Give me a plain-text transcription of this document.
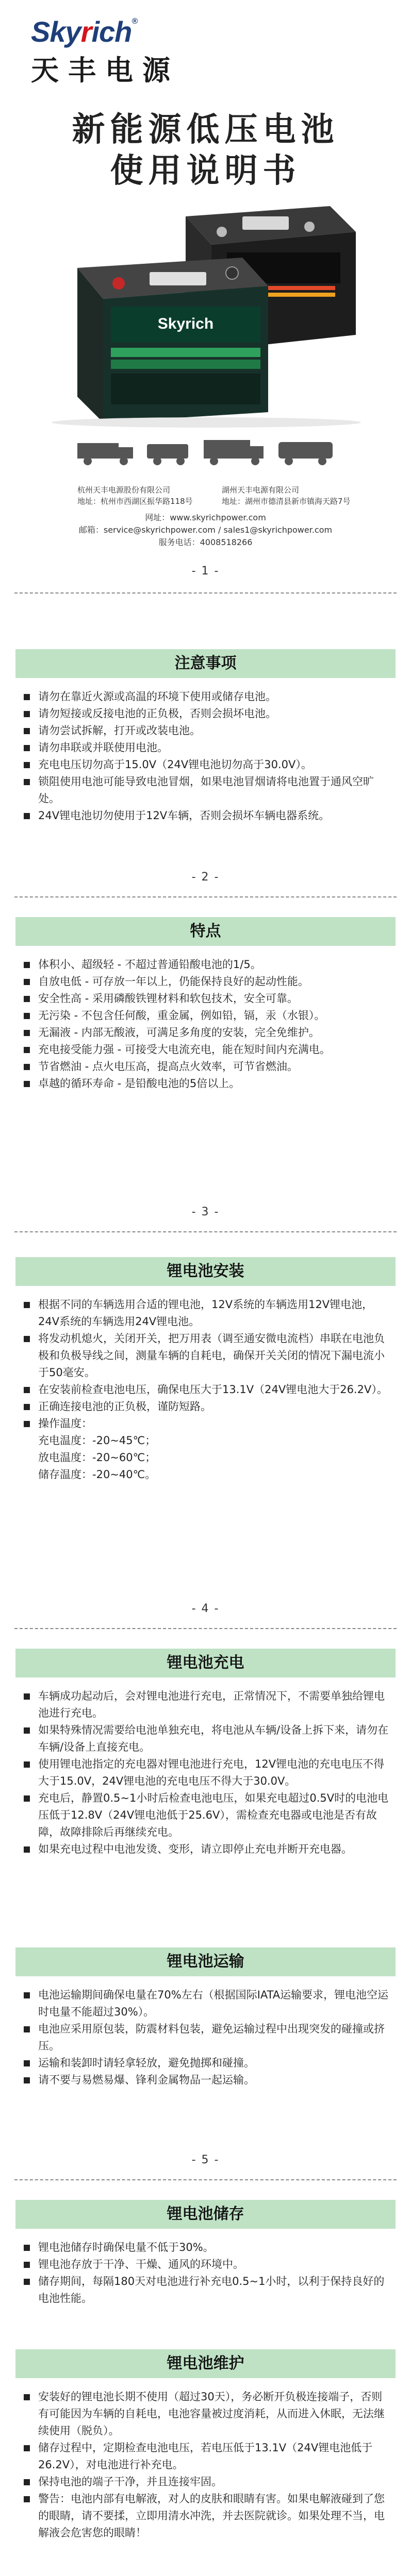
Skyrich®
天丰电源
新能源低压电池
使用说明书
Skyrich
杭州天丰电源股份有限公司
地址：杭州市西湖区振华路118号
湖州天丰电源有限公司
地址：湖州市德清县新市镇海天路7号
网址：www.skyrichpower.com
邮箱：service@skyrichpower.com / sales1@skyrichpower.com
服务电话：4008518266
- 1 -
注意事项
请勿在靠近火源或高温的环境下使用或储存电池。
请勿短接或反接电池的正负极，否则会损坏电池。
请勿尝试拆解，打开或改装电池。
请勿串联或并联使用电池。
充电电压切勿高于15.0V（24V锂电池切勿高于30.0V）。
锁阻使用电池可能导致电池冒烟，如果电池冒烟请将电池置于通风空旷处。
24V锂电池切勿使用于12V车辆，否则会损坏车辆电器系统。
- 2 -
特点
体积小、超级轻 - 不超过普通铅酸电池的1/5。
自放电低 - 可存放一年以上，仍能保持良好的起动性能。
安全性高 - 采用磷酸铁锂材料和软包技术，安全可靠。
无污染 - 不包含任何酸，重金属，例如铅，镉，汞（水银）。
无漏液 - 内部无酸液，可满足多角度的安装，完全免维护。
充电接受能力强 - 可接受大电流充电，能在短时间内充满电。
节省燃油 - 点火电压高，提高点火效率，可节省燃油。
卓越的循环寿命 - 是铅酸电池的5倍以上。
- 3 -
锂电池安装
根据不同的车辆选用合适的锂电池，12V系统的车辆选用12V锂电池，24V系统的车辆选用24V锂电池。
将发动机熄火，关闭开关，把万用表（调至通安微电流档）串联在电池负极和负极导线之间，测量车辆的自耗电，确保开关关闭的情况下漏电流小于50毫安。
在安装前检查电池电压，确保电压大于13.1V（24V锂电池大于26.2V）。
正确连接电池的正负极，谨防短路。
操作温度：
充电温度：-20~45℃；
放电温度：-20~60℃；
储存温度：-20~40℃。
- 4 -
锂电池充电
车辆成功起动后，会对锂电池进行充电，正常情况下，不需要单独给锂电池进行充电。
如果特殊情况需要给电池单独充电，将电池从车辆/设备上拆下来，请勿在车辆/设备上直接充电。
使用锂电池指定的充电器对锂电池进行充电，12V锂电池的充电电压不得大于15.0V，24V锂电池的充电电压不得大于30.0V。
充电后，静置0.5~1小时后检查电池电压，如果充电超过0.5V时的电池电压低于12.8V（24V锂电池低于25.6V），需检查充电器或电池是否有故障，故障排除后再继续充电。
如果充电过程中电池发烫、变形，请立即停止充电并断开充电器。
锂电池运输
电池运输期间确保电量在70%左右（根据国际IATA运输要求，锂电池空运时电量不能超过30%）。
电池应采用原包装，防震材料包装，避免运输过程中出现突发的碰撞或挤压。
运输和装卸时请轻拿轻放，避免抛掷和碰撞。
请不要与易燃易爆、锋利金属物品一起运输。
- 5 -
锂电池储存
锂电池储存时确保电量不低于30%。
锂电池存放于干净、干燥、通风的环境中。
储存期间，每隔180天对电池进行补充电0.5~1小时，以利于保持良好的电池性能。
锂电池维护
安装好的锂电池长期不使用（超过30天），务必断开负极连接端子，否则有可能因为车辆的自耗电，电池容量被过度消耗，从而进入休眠，无法继续使用（脱负）。
储存过程中，定期检查电池电压，若电压低于13.1V（24V锂电池低于26.2V），对电池进行补充电。
保持电池的端子干净，并且连接牢固。
警告：电池内部有电解液，对人的皮肤和眼睛有害。如果电解液碰到了您的眼睛，请不要揉，立即用清水冲洗，并去医院就诊。如果处理不当，电解液会危害您的眼睛！
